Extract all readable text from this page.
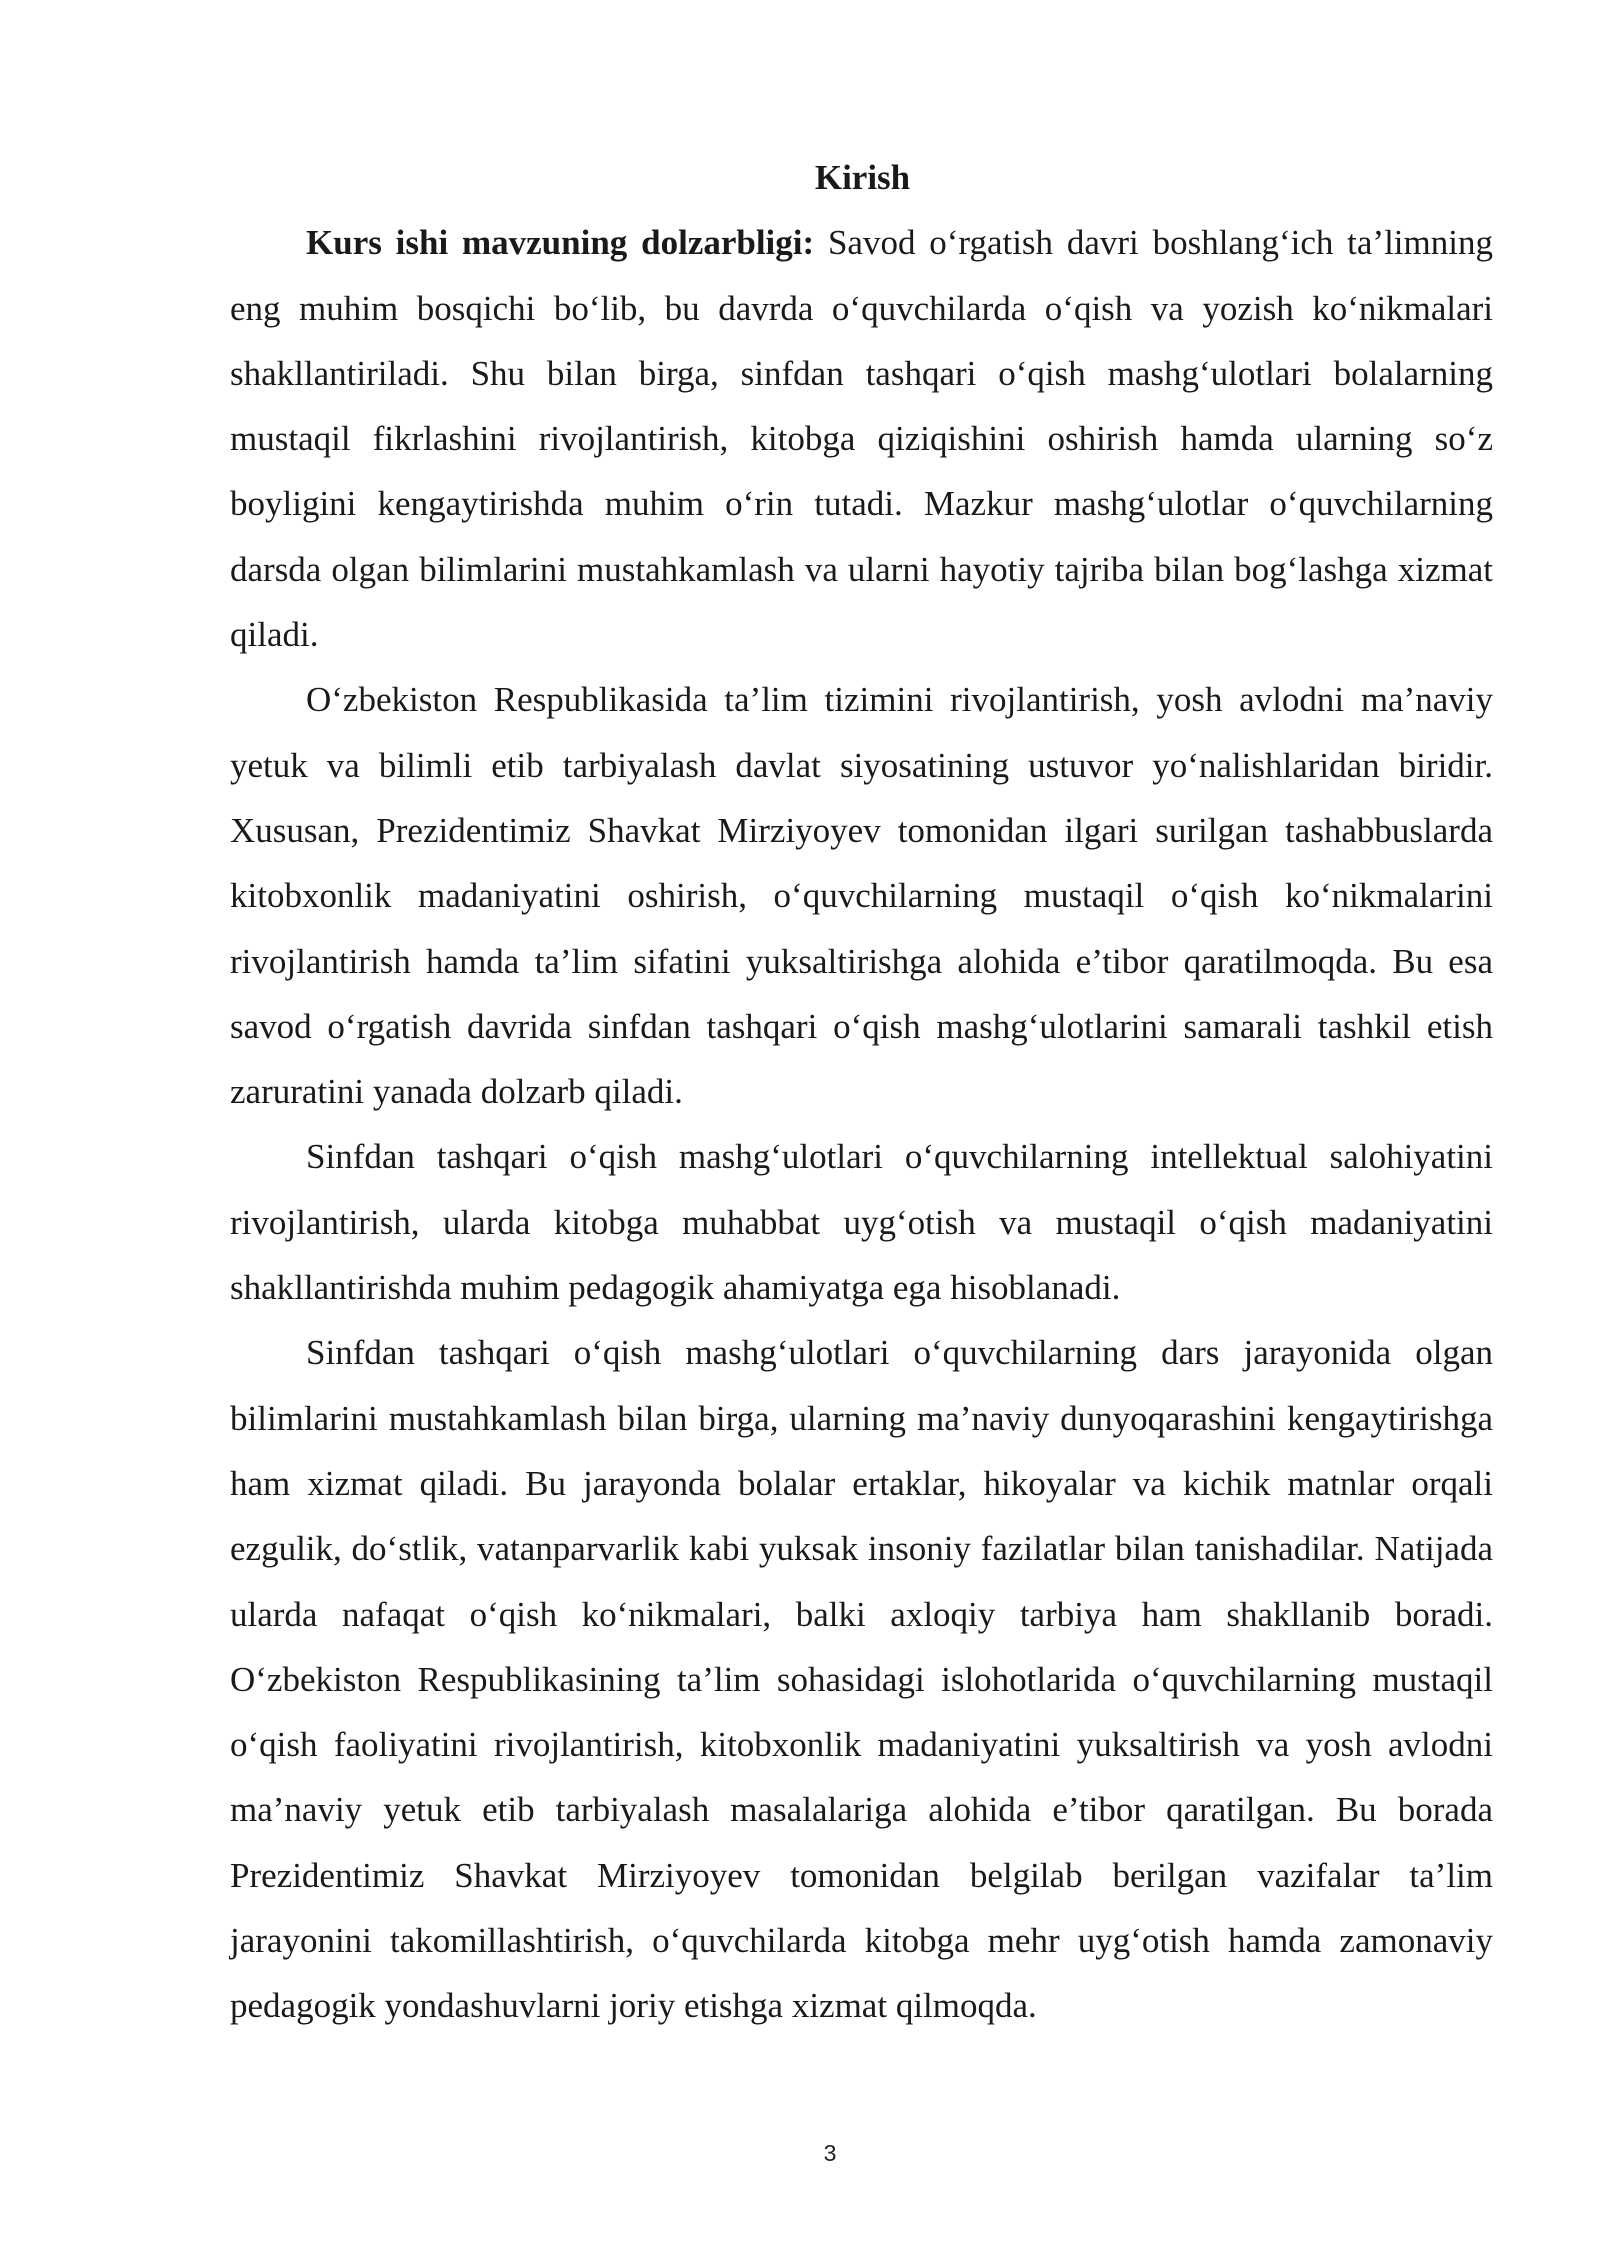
Kirish

Kurs ishi mavzuning dolzarbligi: Savod o‘rgatish davri boshlang‘ich ta’limning eng muhim bosqichi bo‘lib, bu davrda o‘quvchilarda o‘qish va yozish ko‘nikmalari shakllantiriladi. Shu bilan birga, sinfdan tashqari o‘qish mashg‘ulotlari bolalarning mustaqil fikrlashini rivojlantirish, kitobga qiziqishini oshirish hamda ularning so‘z boyligini kengaytirishda muhim o‘rin tutadi. Mazkur mashg‘ulotlar o‘quvchilarning darsda olgan bilimlarini mustahkamlash va ularni hayotiy tajriba bilan bog‘lashga xizmat qiladi.

O‘zbekiston Respublikasida ta’lim tizimini rivojlantirish, yosh avlodni ma’naviy yetuk va bilimli etib tarbiyalash davlat siyosatining ustuvor yo‘nalishlaridan biridir. Xususan, Prezidentimiz Shavkat Mirziyoyev tomonidan ilgari surilgan tashabbuslarda kitobxonlik madaniyatini oshirish, o‘quvchilarning mustaqil o‘qish ko‘nikmalarini rivojlantirish hamda ta’lim sifatini yuksaltirishga alohida e’tibor qaratilmoqda. Bu esa savod o‘rgatish davrida sinfdan tashqari o‘qish mashg‘ulotlarini samarali tashkil etish zaruratini yanada dolzarb qiladi.

Sinfdan tashqari o‘qish mashg‘ulotlari o‘quvchilarning intellektual salohiyatini rivojlantirish, ularda kitobga muhabbat uyg‘otish va mustaqil o‘qish madaniyatini shakllantirishda muhim pedagogik ahamiyatga ega hisoblanadi.

Sinfdan tashqari o‘qish mashg‘ulotlari o‘quvchilarning dars jarayonida olgan bilimlarini mustahkamlash bilan birga, ularning ma’naviy dunyoqarashini kengaytirishga ham xizmat qiladi. Bu jarayonda bolalar ertaklar, hikoyalar va kichik matnlar orqali ezgulik, do‘stlik, vatanparvarlik kabi yuksak insoniy fazilatlar bilan tanishadilar. Natijada ularda nafaqat o‘qish ko‘nikmalari, balki axloqiy tarbiya ham shakllanib boradi. O‘zbekiston Respublikasining ta’lim sohasidagi islohotlarida o‘quvchilarning mustaqil o‘qish faoliyatini rivojlantirish, kitobxonlik madaniyatini yuksaltirish va yosh avlodni ma’naviy yetuk etib tarbiyalash masalalariga alohida e’tibor qaratilgan. Bu borada Prezidentimiz Shavkat Mirziyoyev tomonidan belgilab berilgan vazifalar ta’lim jarayonini takomillashtirish, o‘quvchilarda kitobga mehr uyg‘otish hamda zamonaviy pedagogik yondashuvlarni joriy etishga xizmat qilmoqda.

3
